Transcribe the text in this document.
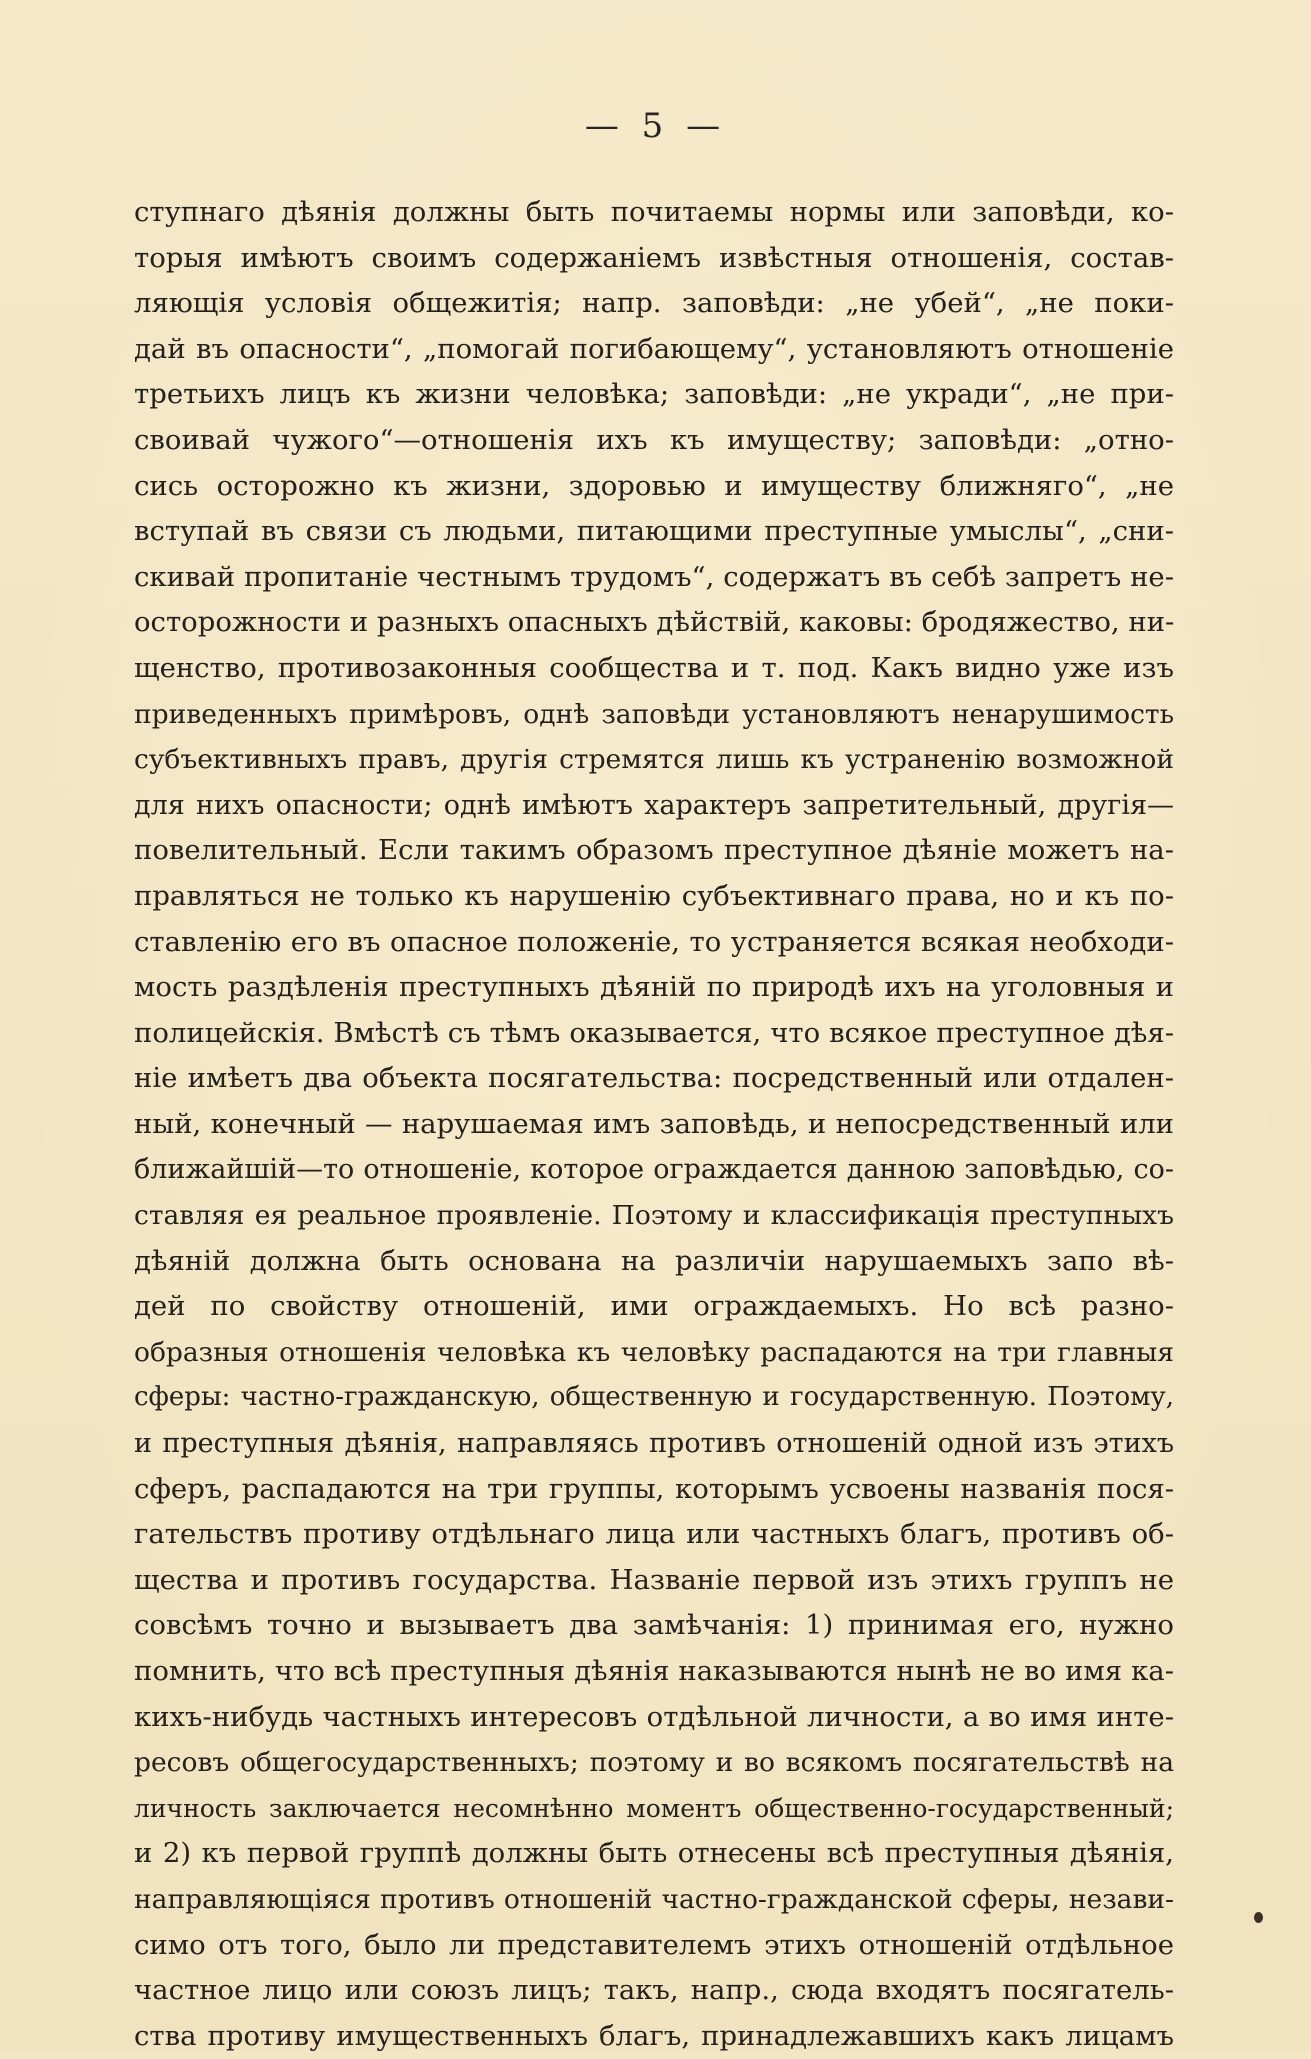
— 5 —
ступнаго дѣянія должны быть почитаемы нормы или заповѣди, ко-
торыя имѣютъ своимъ содержаніемъ извѣстныя отношенія, состав-
ляющія условія общежитія; напр. заповѣди: „не убей“, „не поки-
дай въ опасности“, „помогай погибающему“, установляютъ отношеніе
третьихъ лицъ къ жизни человѣка; заповѣди: „не укради“, „не при-
своивай чужого“—отношенія ихъ къ имуществу; заповѣди: „отно-
сись осторожно къ жизни, здоровью и имуществу ближняго“, „не
вступай въ связи съ людьми, питающими преступные умыслы“, „сни-
скивай пропитаніе честнымъ трудомъ“, содержатъ въ себѣ запретъ не-
осторожности и разныхъ опасныхъ дѣйствій, каковы: бродяжество, ни-
щенство, противозаконныя сообщества и т. под. Какъ видно уже изъ
приведенныхъ примѣровъ, однѣ заповѣди установляютъ ненарушимость
субъективныхъ правъ, другія стремятся лишь къ устраненію возможной
для нихъ опасности; однѣ имѣютъ характеръ запретительный, другія—
повелительный. Если такимъ образомъ преступное дѣяніе можетъ на-
правляться не только къ нарушенію субъективнаго права, но и къ по-
ставленію его въ опасное положеніе, то устраняется всякая необходи-
мость раздѣленія преступныхъ дѣяній по природѣ ихъ на уголовныя и
полицейскія. Вмѣстѣ съ тѣмъ оказывается, что всякое преступное дѣя-
ніе имѣетъ два объекта посягательства: посредственный или отдален-
ный, конечный — нарушаемая имъ заповѣдь, и непосредственный или
ближайшій—то отношеніе, которое ограждается данною заповѣдью, со-
ставляя ея реальное проявленіе. Поэтому и классификація преступныхъ
дѣяній должна быть основана на различіи нарушаемыхъ запо вѣ-
дей по свойству отношеній, ими ограждаемыхъ. Но всѣ разно-
образныя отношенія человѣка къ человѣку распадаются на три главныя
сферы: частно-гражданскую, общественную и государственную. Поэтому,
и преступныя дѣянія, направляясь противъ отношеній одной изъ этихъ
сферъ, распадаются на три группы, которымъ усвоены названія пося-
гательствъ противу отдѣльнаго лица или частныхъ благъ, противъ об-
щества и противъ государства. Названіе первой изъ этихъ группъ не
совсѣмъ точно и вызываетъ два замѣчанія: 1) принимая его, нужно
помнить, что всѣ преступныя дѣянія наказываются нынѣ не во имя ка-
кихъ-нибудь частныхъ интересовъ отдѣльной личности, а во имя инте-
ресовъ общегосударственныхъ; поэтому и во всякомъ посягательствѣ на
личность заключается несомнѣнно моментъ общественно-государственный;
и 2) къ первой группѣ должны быть отнесены всѣ преступныя дѣянія,
направляющіяся противъ отношеній частно-гражданской сферы, незави-
симо отъ того, было ли представителемъ этихъ отношеній отдѣльное
частное лицо или союзъ лицъ; такъ, напр., сюда входятъ посягатель-
ства противу имущественныхъ благъ, принадлежавшихъ какъ лицамъ
